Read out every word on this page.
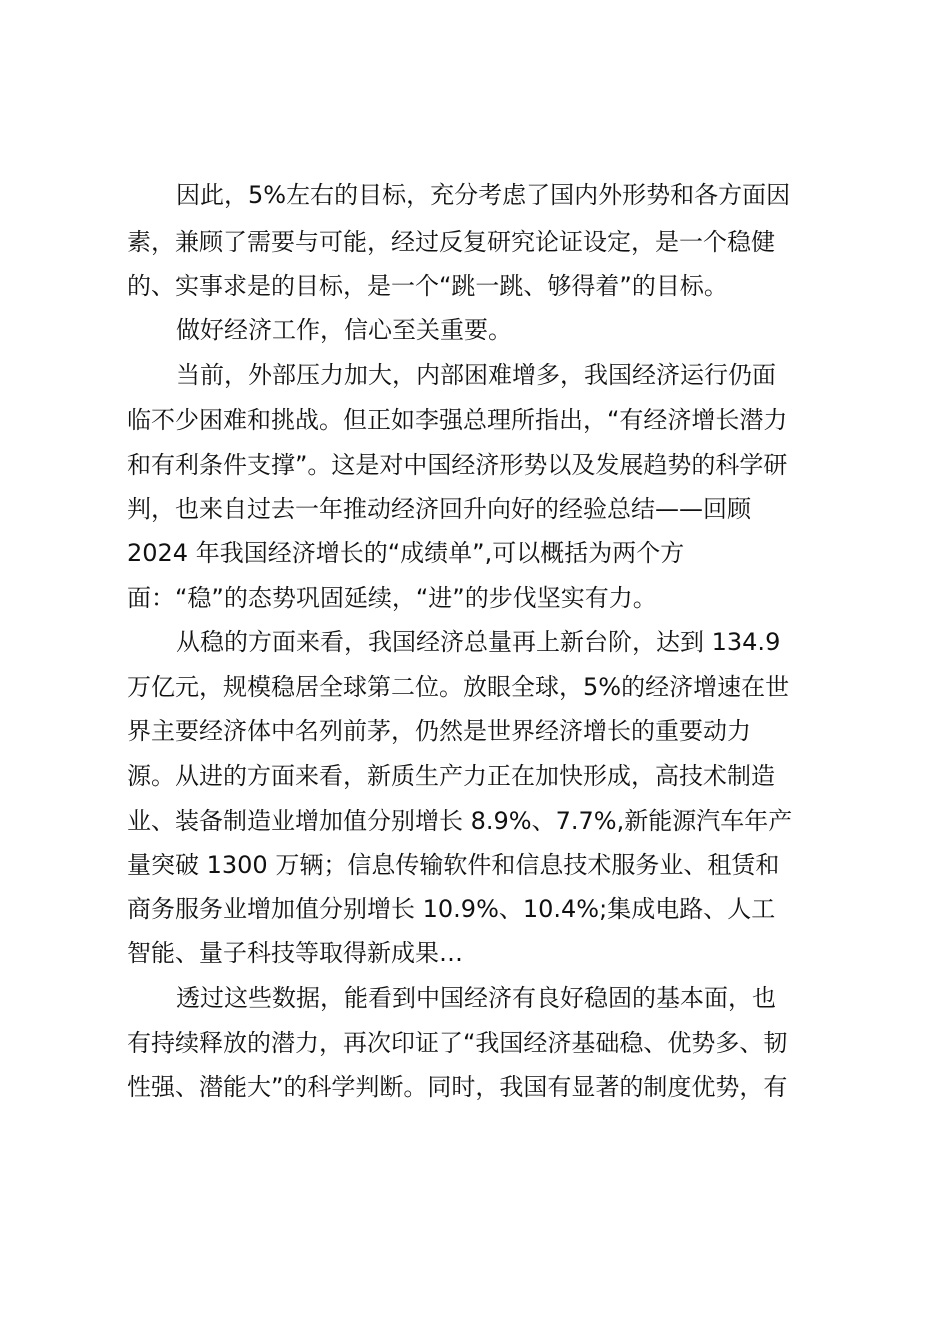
因此，5%左右的目标，充分考虑了国内外形势和各方面因
素，兼顾了需要与可能，经过反复研究论证设定，是一个稳健
的、实事求是的目标，是一个“跳一跳、够得着”的目标。
做好经济工作，信心至关重要。
当前，外部压力加大，内部困难增多，我国经济运行仍面
临不少困难和挑战。但正如李强总理所指出，“有经济增长潜力
和有利条件支撑”。这是对中国经济形势以及发展趋势的科学研
判，也来自过去一年推动经济回升向好的经验总结——回顾
2024 年我国经济增长的“成绩单”,可以概括为两个方
面：“稳”的态势巩固延续，“进”的步伐坚实有力。
从稳的方面来看，我国经济总量再上新台阶，达到 134.9
万亿元，规模稳居全球第二位。放眼全球，5%的经济增速在世
界主要经济体中名列前茅，仍然是世界经济增长的重要动力
源。从进的方面来看，新质生产力正在加快形成，高技术制造
业、装备制造业增加值分别增长 8.9%、7.7%,新能源汽车年产
量突破 1300 万辆；信息传输软件和信息技术服务业、租赁和
商务服务业增加值分别增长 10.9%、10.4%;集成电路、人工
智能、量子科技等取得新成果…
透过这些数据，能看到中国经济有良好稳固的基本面，也
有持续释放的潜力，再次印证了“我国经济基础稳、优势多、韧
性强、潜能大”的科学判断。同时，我国有显著的制度优势，有
